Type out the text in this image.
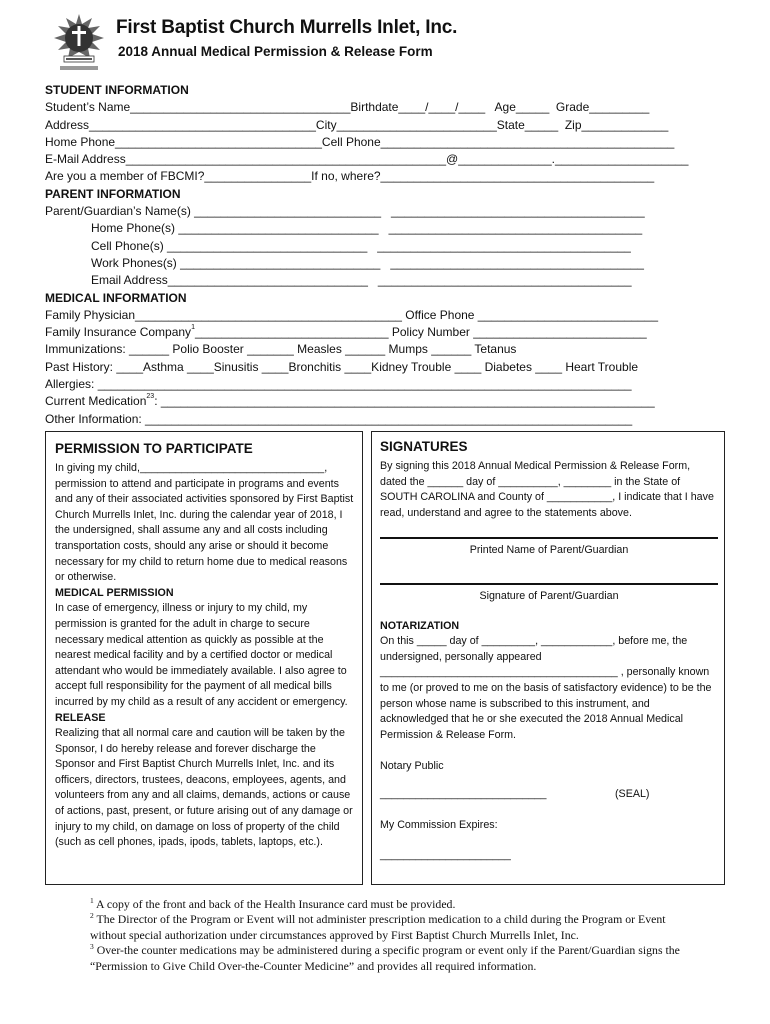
First Baptist Church Murrells Inlet, Inc.
2018 Annual Medical Permission & Release Form
STUDENT INFORMATION
Student’s Name_________________________________Birthdate____/____/____   Age_____  Grade_________
Address__________________________________City________________________State_____  Zip_____________
Home Phone_______________________________Cell Phone____________________________________________
E-Mail Address________________________________________________@______________.____________________
Are you a member of FBCMI?________________If no, where?_________________________________________
PARENT INFORMATION
Parent/Guardian’s Name(s) ____________________________   ______________________________________
Home Phone(s) ______________________________   ______________________________________
Cell Phone(s) ______________________________   ______________________________________
Work Phones(s) ______________________________   ______________________________________
Email Address______________________________   ______________________________________
MEDICAL INFORMATION
Family Physician________________________________________ Office Phone ___________________________
Family Insurance Company$^1$_____________________________ Policy Number __________________________
Immunizations: ______ Polio Booster _______ Measles ______ Mumps ______ Tetanus
Past History: ____Asthma ____Sinusitis ____Bronchitis ____Kidney Trouble ____ Diabetes ____ Heart Trouble
Allergies: ________________________________________________________________________________
Current Medication$^{23}$: __________________________________________________________________________
Other Information: _________________________________________________________________________
PERMISSION TO PARTICIPATE

In giving my child,_______________________________, permission to attend and participate in programs and events and any of their associated activities sponsored by First Baptist Church Murrells Inlet, Inc. during the calendar year of 2018, I the undersigned, shall assume any and all costs including transportation costs, should any arise or should it become necessary for my child to return home due to medical reasons or otherwise.

MEDICAL PERMISSION

In case of emergency, illness or injury to my child, my permission is granted for the adult in charge to secure necessary medical attention as quickly as possible at the nearest medical facility and by a certified doctor or medical attendant who would be immediately available. I also agree to accept full responsibility for the payment of all medical bills incurred by my child as a result of any accident or emergency.

RELEASE

Realizing that all normal care and caution will be taken by the Sponsor, I do hereby release and forever discharge the Sponsor and First Baptist Church Murrells Inlet, Inc. and its officers, directors, trustees, deacons, employees, agents, and volunteers from any and all claims, demands, actions or cause of actions, past, present, or future arising out of any damage or injury to my child, on damage on loss of property of the child (such as cell phones, ipads, ipods, tablets, laptops, etc.).

SIGNATURES

By signing this 2018 Annual Medical Permission & Release Form, dated the ______ day of __________, ________ in the State of SOUTH CAROLINA and County of ___________, I indicate that I have read, understand and agree to the statements above.

Printed Name of Parent/Guardian
Signature of Parent/Guardian
NOTARIZATION

On this _____ day of _________, ____________, before me, the undersigned, personally appeared

________________________________________ , personally known to me (or proved to me on the basis of satisfactory evidence) to be the person whose name is subscribed to this instrument, and acknowledged that he or she executed the 2018 Annual Medical Permission & Release Form.

Notary Public

____________________________	(SEAL)

My Commission Expires:

______________________

$^1$ A copy of the front and back of the Health Insurance card must be provided.

$^2$ The Director of the Program or Event will not administer prescription medication to a child during the Program or Event without special authorization under circumstances approved by First Baptist Church Murrells Inlet, Inc.

$^3$ Over-the counter medications may be administered during a specific program or event only if the Parent/Guardian signs the “Permission to Give Child Over-the-Counter Medicine” and provides all required information.
